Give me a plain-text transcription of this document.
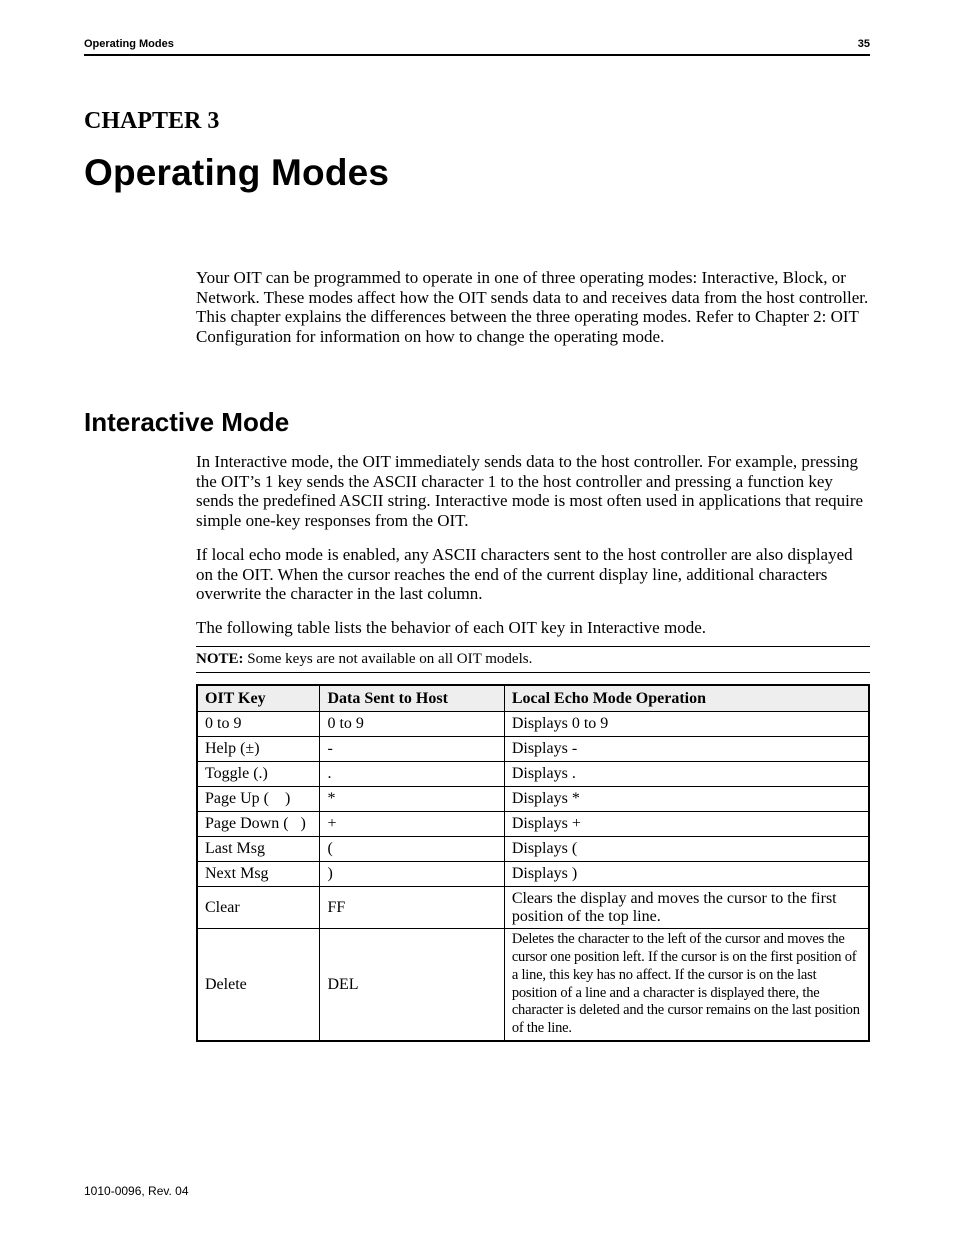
Operating Modes	35
CHAPTER 3
Operating Modes
Your OIT can be programmed to operate in one of three operating modes: Interactive, Block, or Network. These modes affect how the OIT sends data to and receives data from the host controller. This chapter explains the differences between the three operating modes. Refer to Chapter 2: OIT Configuration for information on how to change the operating mode.
Interactive Mode
In Interactive mode, the OIT immediately sends data to the host controller. For example, pressing the OIT’s 1 key sends the ASCII character 1 to the host controller and pressing a function key sends the predefined ASCII string. Interactive mode is most often used in applications that require simple one-key responses from the OIT.
If local echo mode is enabled, any ASCII characters sent to the host controller are also displayed on the OIT. When the cursor reaches the end of the current display line, additional characters overwrite the character in the last column.
The following table lists the behavior of each OIT key in Interactive mode.
NOTE: Some keys are not available on all OIT models.
OIT Key	Data Sent to Host	Local Echo Mode Operation
0 to 9	0 to 9	Displays 0 to 9
Help (±)	-	Displays -
Toggle (.)	.	Displays .
Page Up (    )	*	Displays *
Page Down (   )	+	Displays +
Last Msg	(	Displays (
Next Msg	)	Displays )
Clear	FF	Clears the display and moves the cursor to the first position of the top line.
Delete	DEL	Deletes the character to the left of the cursor and moves the cursor one position left. If the cursor is on the first position of a line, this key has no affect. If the cursor is on the last position of a line and a character is displayed there, the character is deleted and the cursor remains on the last position of the line.
1010-0096, Rev. 04
